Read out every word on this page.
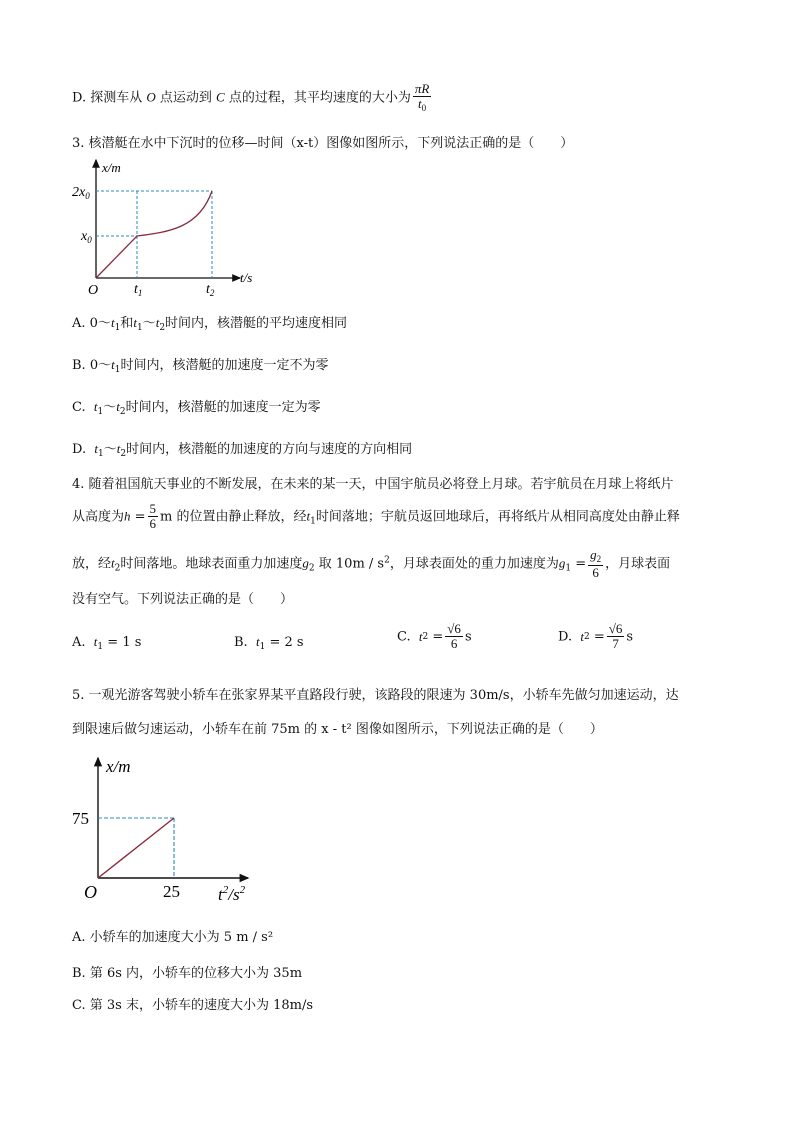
D. 探测车从 O 点运动到 C 点的过程，其平均速度的大小为 $\frac{\pi R}{t_0}$
3. 核潜艇在水中下沉时的位移—时间（x-t）图像如图所示，下列说法正确的是（　　）
x/m
t/s
O
$2x_0$
$x_0$
$t_1$	$t_2$
A. $0\sim t_1$和$t_1\sim t_2$时间内，核潜艇的平均速度相同
B. $0\sim t_1$时间内，核潜艇的加速度一定不为零
C.  $t_1\sim t_2$时间内，核潜艇的加速度一定为零
D.  $t_1\sim t_2$时间内，核潜艇的加速度的方向与速度的方向相同
4. 随着祖国航天事业的不断发展，在未来的某一天，中国宇航员必将登上月球。若宇航员在月球上将纸片
从高度为$h = \frac{5}{6}$ m 的位置由静止释放，经$t_1$时间落地；宇航员返回地球后，再将纸片从相同高度处由静止释
放，经$t_2$时间落地。地球表面重力加速度$g_2$ 取 $10m / s^2$，月球表面处的重力加速度为$g_1 = \frac{g_2}{6}$ ，月球表面
没有空气。下列说法正确的是（　　）
A. $t_1 = 1$ s	B. $t_1 = 2$ s	C. $t2 = \frac{√6}{6}$ s	D. $t2 = \frac{√6}{7}$ s
5. 一观光游客驾驶小轿车在张家界某平直路段行驶，该路段的限速为 30m/s，小轿车先做匀加速运动，达
到限速后做匀速运动，小轿车在前 75m 的 x - t² 图像如图所示，下列说法正确的是（　　）
x/m
$t^2/s^2$
O
75
25
A. 小轿车的加速度大小为 5 m / s²
B. 第 6s 内，小轿车的位移大小为 35m
C. 第 3s 末，小轿车的速度大小为 18m/s
